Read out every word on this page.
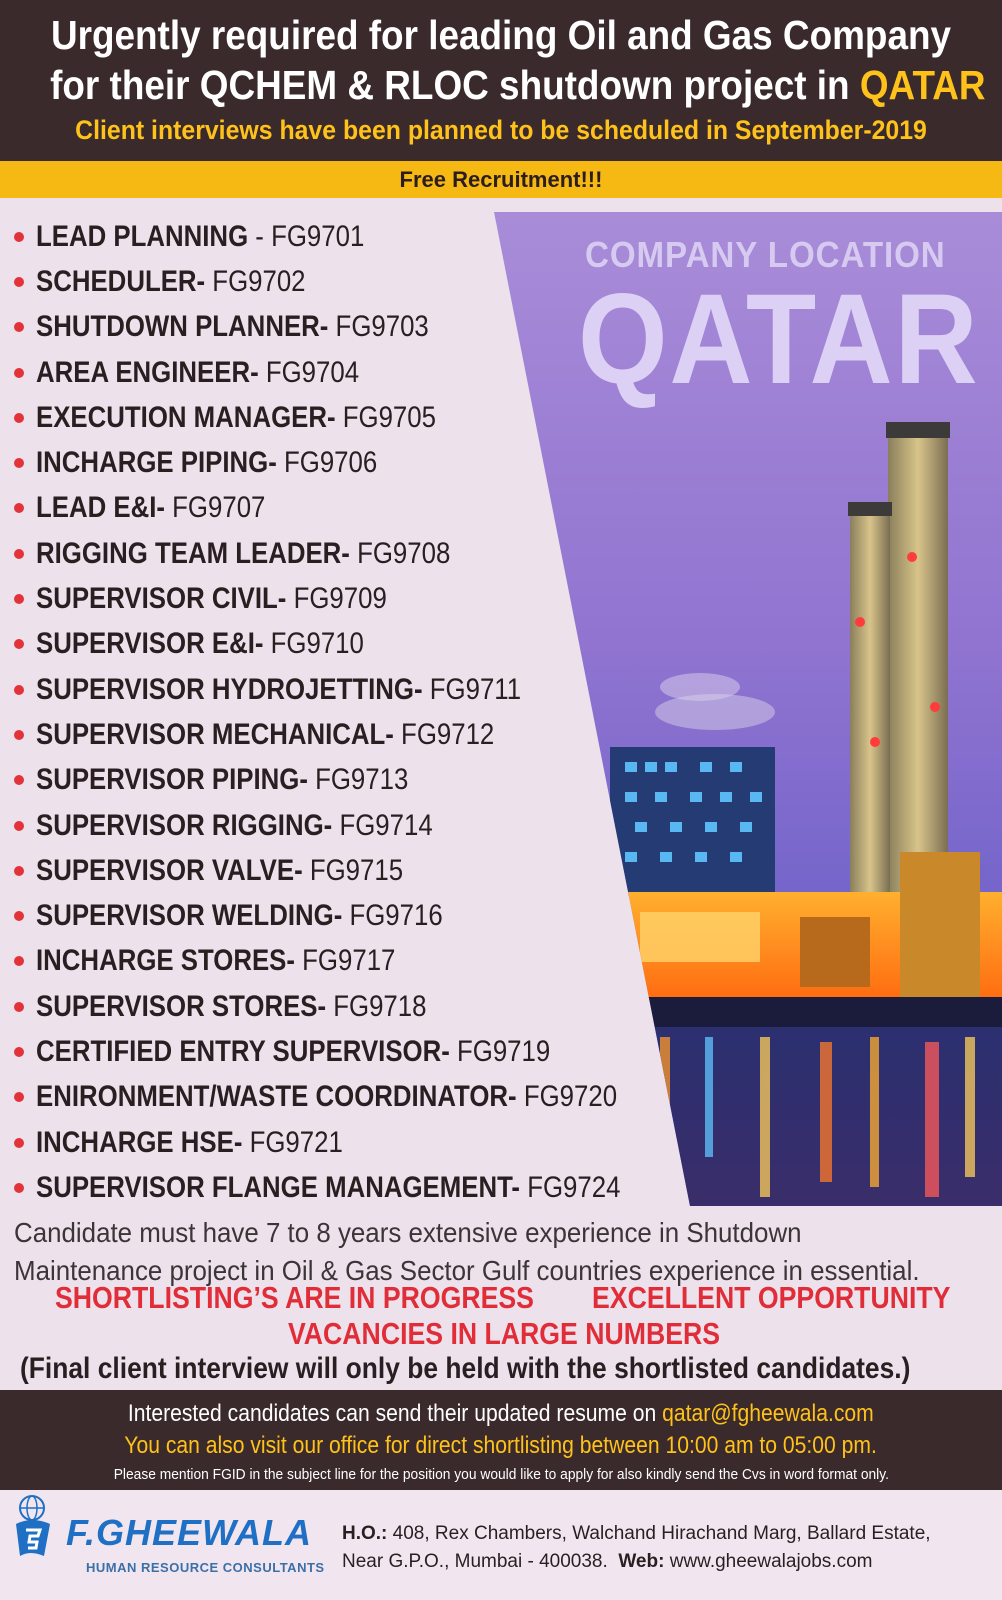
Urgently required for leading Oil and Gas Company
for their QCHEM & RLOC shutdown project in QATAR
Client interviews have been planned to be scheduled in September-2019
Free Recruitment!!!
COMPANY LOCATION
QATAR
LEAD PLANNING - FG9701
SCHEDULER- FG9702
SHUTDOWN PLANNER- FG9703
AREA ENGINEER- FG9704
EXECUTION MANAGER- FG9705
INCHARGE PIPING- FG9706
LEAD E&I- FG9707
RIGGING TEAM LEADER- FG9708
SUPERVISOR CIVIL- FG9709
SUPERVISOR E&I- FG9710
SUPERVISOR HYDROJETTING- FG9711
SUPERVISOR MECHANICAL- FG9712
SUPERVISOR PIPING- FG9713
SUPERVISOR RIGGING- FG9714
SUPERVISOR VALVE- FG9715
SUPERVISOR WELDING- FG9716
INCHARGE STORES- FG9717
SUPERVISOR STORES- FG9718
CERTIFIED ENTRY SUPERVISOR- FG9719
ENIRONMENT/WASTE COORDINATOR- FG9720
INCHARGE HSE- FG9721
SUPERVISOR FLANGE MANAGEMENT- FG9724
Candidate must have 7 to 8 years extensive experience in Shutdown
Maintenance project in Oil & Gas Sector Gulf countries experience in essential.
SHORTLISTING’S ARE IN PROGRESS EXCELLENT OPPORTUNITY
VACANCIES IN LARGE NUMBERS
(Final client interview will only be held with the shortlisted candidates.)
Interested candidates can send their updated resume on qatar@fgheewala.com
You can also visit our office for direct shortlisting between 10:00 am to 05:00 pm.
Please mention FGID in the subject line for the position you would like to apply for also kindly send the Cvs in word format only.
F.GHEEWALA
HUMAN RESOURCE CONSULTANTS
H.O.: 408, Rex Chambers, Walchand Hirachand Marg, Ballard Estate,
Near G.P.O., Mumbai - 400038. Web: www.gheewalajobs.com
